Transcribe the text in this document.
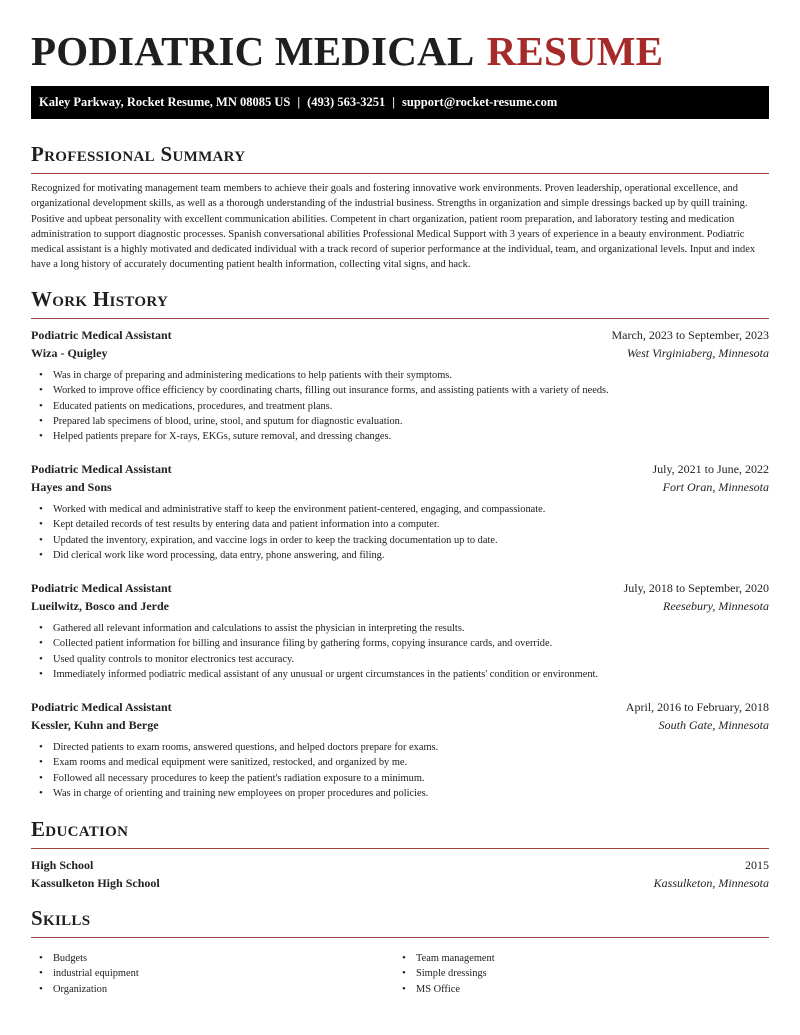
PODIATRIC MEDICAL RESUME
Kaley Parkway, Rocket Resume, MN 08085 US | (493) 563-3251 | support@rocket-resume.com
Professional Summary

Recognized for motivating management team members to achieve their goals and fostering innovative work environments. Proven leadership, operational excellence, and organizational development skills, as well as a thorough understanding of the industrial business. Strengths in organization and simple dressings backed up by quill training. Positive and upbeat personality with excellent communication abilities. Competent in chart organization, patient room preparation, and laboratory testing and medication administration to support diagnostic processes. Spanish conversational abilities Professional Medical Support with 3 years of experience in a beauty environment. Podiatric medical assistant is a highly motivated and dedicated individual with a track record of superior performance at the individual, team, and organizational levels. Input and index have a long history of accurately documenting patient health information, collecting vital signs, and hack.

Work History
Podiatric Medical Assistant	March, 2023 to September, 2023
Wiza - Quigley	West Virginiaberg, Minnesota
• Was in charge of preparing and administering medications to help patients with their symptoms.
• Worked to improve office efficiency by coordinating charts, filling out insurance forms, and assisting patients with a variety of needs.
• Educated patients on medications, procedures, and treatment plans.
• Prepared lab specimens of blood, urine, stool, and sputum for diagnostic evaluation.
• Helped patients prepare for X-rays, EKGs, suture removal, and dressing changes.
Podiatric Medical Assistant	July, 2021 to June, 2022
Hayes and Sons	Fort Oran, Minnesota
• Worked with medical and administrative staff to keep the environment patient-centered, engaging, and compassionate.
• Kept detailed records of test results by entering data and patient information into a computer.
• Updated the inventory, expiration, and vaccine logs in order to keep the tracking documentation up to date.
• Did clerical work like word processing, data entry, phone answering, and filing.
Podiatric Medical Assistant	July, 2018 to September, 2020
Lueilwitz, Bosco and Jerde	Reesebury, Minnesota
• Gathered all relevant information and calculations to assist the physician in interpreting the results.
• Collected patient information for billing and insurance filing by gathering forms, copying insurance cards, and override.
• Used quality controls to monitor electronics test accuracy.
• Immediately informed podiatric medical assistant of any unusual or urgent circumstances in the patients' condition or environment.
Podiatric Medical Assistant	April, 2016 to February, 2018
Kessler, Kuhn and Berge	South Gate, Minnesota
• Directed patients to exam rooms, answered questions, and helped doctors prepare for exams.
• Exam rooms and medical equipment were sanitized, restocked, and organized by me.
• Followed all necessary procedures to keep the patient's radiation exposure to a minimum.
• Was in charge of orienting and training new employees on proper procedures and policies.
Education
High School	2015
Kassulketon High School	Kassulketon, Minnesota
Skills
• Budgets
• industrial equipment
• Organization
• Team management
• Simple dressings
• MS Office
